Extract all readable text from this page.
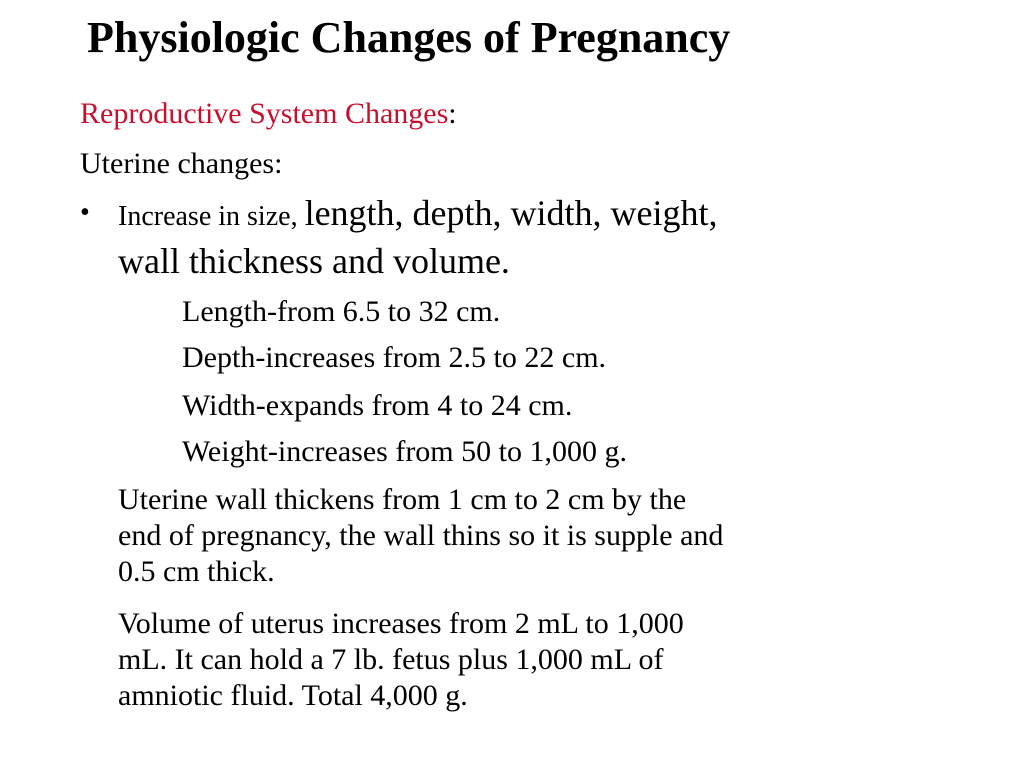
Physiologic Changes of Pregnancy
Reproductive System Changes:
Uterine changes:
• Increase in size, length, depth, width, weight,
wall thickness and volume.
Length-from 6.5 to 32 cm.
Depth-increases from 2.5 to 22 cm.
Width-expands from 4 to 24 cm.
Weight-increases from 50 to 1,000 g.
Uterine wall thickens from 1 cm to 2 cm by the
end of pregnancy, the wall thins so it is supple and
0.5 cm thick.
Volume of uterus increases from 2 mL to 1,000
mL. It can hold a 7 lb. fetus plus 1,000 mL of
amniotic fluid. Total 4,000 g.
